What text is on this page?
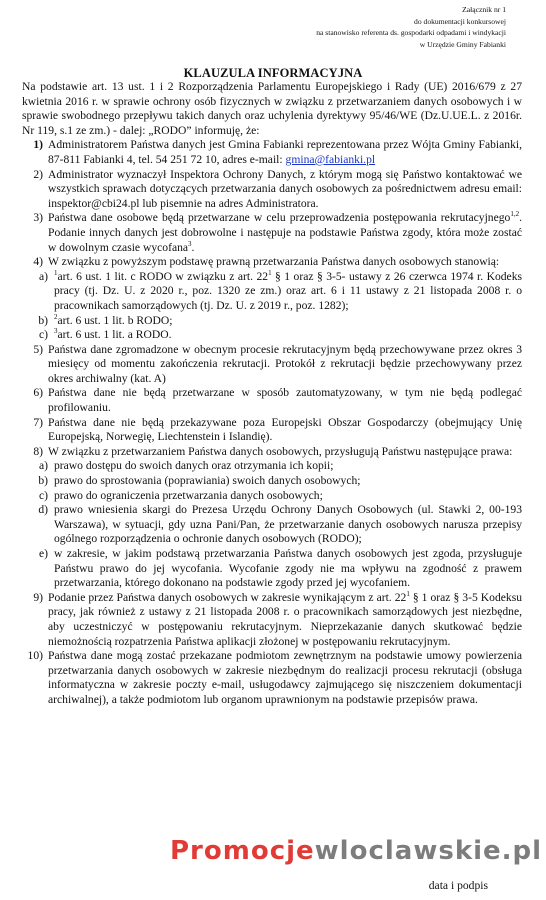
Załącznik nr 1
do dokumentacji konkursowej
na stanowisko referenta ds. gospodarki odpadami i windykacji
w Urzędzie Gminy Fabianki
KLAUZULA INFORMACYJNA

Na podstawie art. 13 ust. 1 i 2 Rozporządzenia Parlamentu Europejskiego i Rady (UE) 2016/679 z 27 kwietnia 2016 r. w sprawie ochrony osób fizycznych w związku z przetwarzaniem danych osobowych i w sprawie swobodnego przepływu takich danych oraz uchylenia dyrektywy 95/46/WE (Dz.U.UE.L. z 2016r. Nr 119, s.1 ze zm.) - dalej: „RODO” informuję, że:

1) Administratorem Państwa danych jest Gmina Fabianki reprezentowana przez Wójta Gminy Fabianki, 87-811 Fabianki 4, tel. 54 251 72 10, adres e-mail: gmina@fabianki.pl
2) Administrator wyznaczył Inspektora Ochrony Danych, z którym mogą się Państwo kontaktować we wszystkich sprawach dotyczących przetwarzania danych osobowych za pośrednictwem adresu email: inspektor@cbi24.pl lub pisemnie na adres Administratora.
3) Państwa dane osobowe będą przetwarzane w celu przeprowadzenia postępowania rekrutacyjnego$^{1,2}$. Podanie innych danych jest dobrowolne i następuje na podstawie Państwa zgody, która może zostać w dowolnym czasie wycofana$^3$.
4) W związku z powyższym podstawę prawną przetwarzania Państwa danych osobowych stanowią:
a) $^1$art. 6 ust. 1 lit. c RODO w związku z art. $22^1$ § 1 oraz § 3-5- ustawy z 26 czerwca 1974 r. Kodeks pracy (tj. Dz. U. z 2020 r., poz. 1320 ze zm.) oraz art. 6 i 11 ustawy z 21 listopada 2008 r. o pracownikach samorządowych (tj. Dz. U. z 2019 r., poz. 1282);
b) $^2$art. 6 ust. 1 lit. b RODO;
c) $^3$art. 6 ust. 1 lit. a RODO.
5) Państwa dane zgromadzone w obecnym procesie rekrutacyjnym będą przechowywane przez okres 3 miesięcy od momentu zakończenia rekrutacji. Protokół z rekrutacji będzie przechowywany przez okres archiwalny (kat. A)
6) Państwa dane nie będą przetwarzane w sposób zautomatyzowany, w tym nie będą podlegać profilowaniu.
7) Państwa dane nie będą przekazywane poza Europejski Obszar Gospodarczy (obejmujący Unię Europejską, Norwegię, Liechtenstein i Islandię).
8) W związku z przetwarzaniem Państwa danych osobowych, przysługują Państwu następujące prawa:
a) prawo dostępu do swoich danych oraz otrzymania ich kopii;
b) prawo do sprostowania (poprawiania) swoich danych osobowych;
c) prawo do ograniczenia przetwarzania danych osobowych;
d) prawo wniesienia skargi do Prezesa Urzędu Ochrony Danych Osobowych (ul. Stawki 2, 00-193 Warszawa), w sytuacji, gdy uzna Pani/Pan, że przetwarzanie danych osobowych narusza przepisy ogólnego rozporządzenia o ochronie danych osobowych (RODO);
e) w zakresie, w jakim podstawą przetwarzania Państwa danych osobowych jest zgoda, przysługuje Państwu prawo do jej wycofania. Wycofanie zgody nie ma wpływu na zgodność z prawem przetwarzania, którego dokonano na podstawie zgody przed jej wycofaniem.
9) Podanie przez Państwa danych osobowych w zakresie wynikającym z art. $22^1$ § 1 oraz § 3-5 Kodeksu pracy, jak również z ustawy z 21 listopada 2008 r. o pracownikach samorządowych jest niezbędne, aby uczestniczyć w postępowaniu rekrutacyjnym. Nieprzekazanie danych skutkować będzie niemożnością rozpatrzenia Państwa aplikacji złożonej w postępowaniu rekrutacyjnym.
10) Państwa dane mogą zostać przekazane podmiotom zewnętrznym na podstawie umowy powierzenia przetwarzania danych osobowych w zakresie niezbędnym do realizacji procesu rekrutacji (obsługa informatyczna w zakresie poczty e-mail, usługodawcy zajmującego się niszczeniem dokumentacji archiwalnej), a także podmiotom lub organom uprawnionym na podstawie przepisów prawa.
Promocjewloclawskie.pl
data i podpis
